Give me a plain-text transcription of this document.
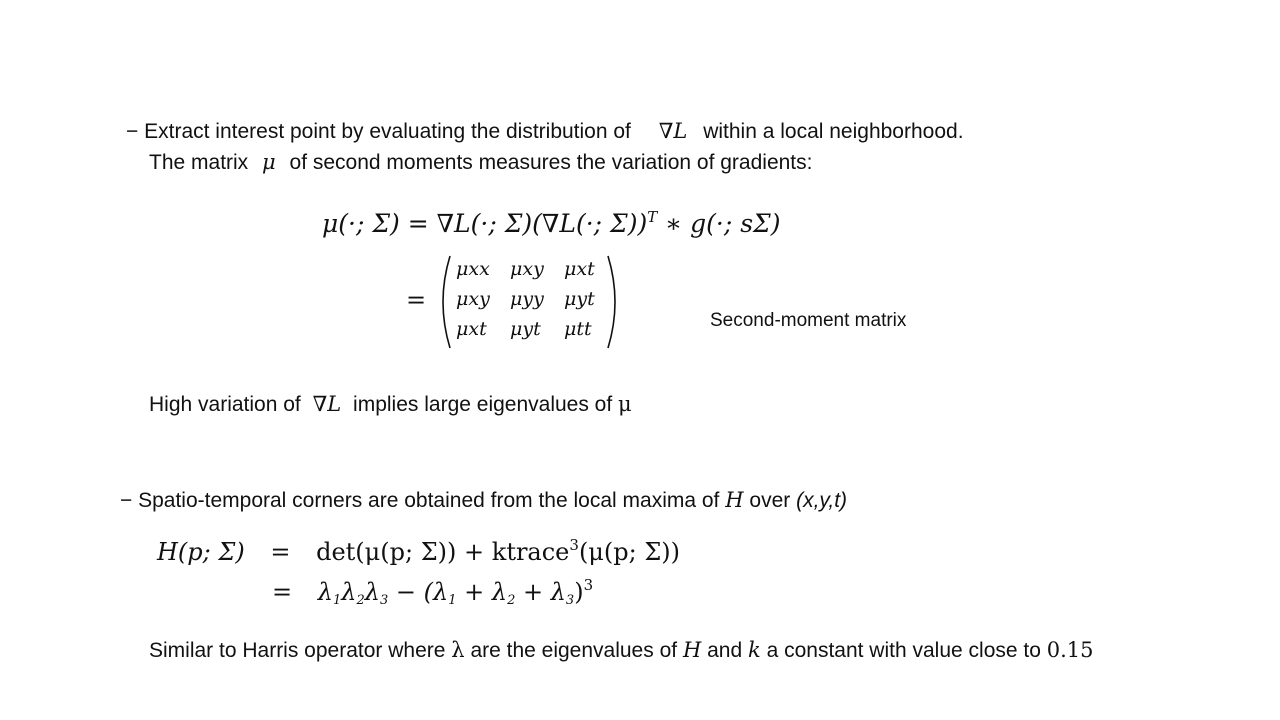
− Extract interest point by evaluating the distribution of ∇L within a local neighborhood.
The matrix μ of second moments measures the variation of gradients:
μ(·; Σ) = ∇L(·; Σ)(∇L(·; Σ))$^T$ ∗ g(·; sΣ)
=
μxx	μxy	μxt
μxy	μyy	μyt
μxt	μyt	μtt	Second-moment matrix
High variation of ∇L implies large eigenvalues of μ
− Spatio-temporal corners are obtained from the local maxima of H over (x,y,t)
H(p; Σ) = det(μ(p; Σ)) + ktrace$^3$(μ(p; Σ))
= $\lambda 1\lambda 2\lambda 3 - (\lambda 1 + \lambda 2 + \lambda 3)^3$
Similar to Harris operator where λ are the eigenvalues of H and k a constant with value close to 0.15
